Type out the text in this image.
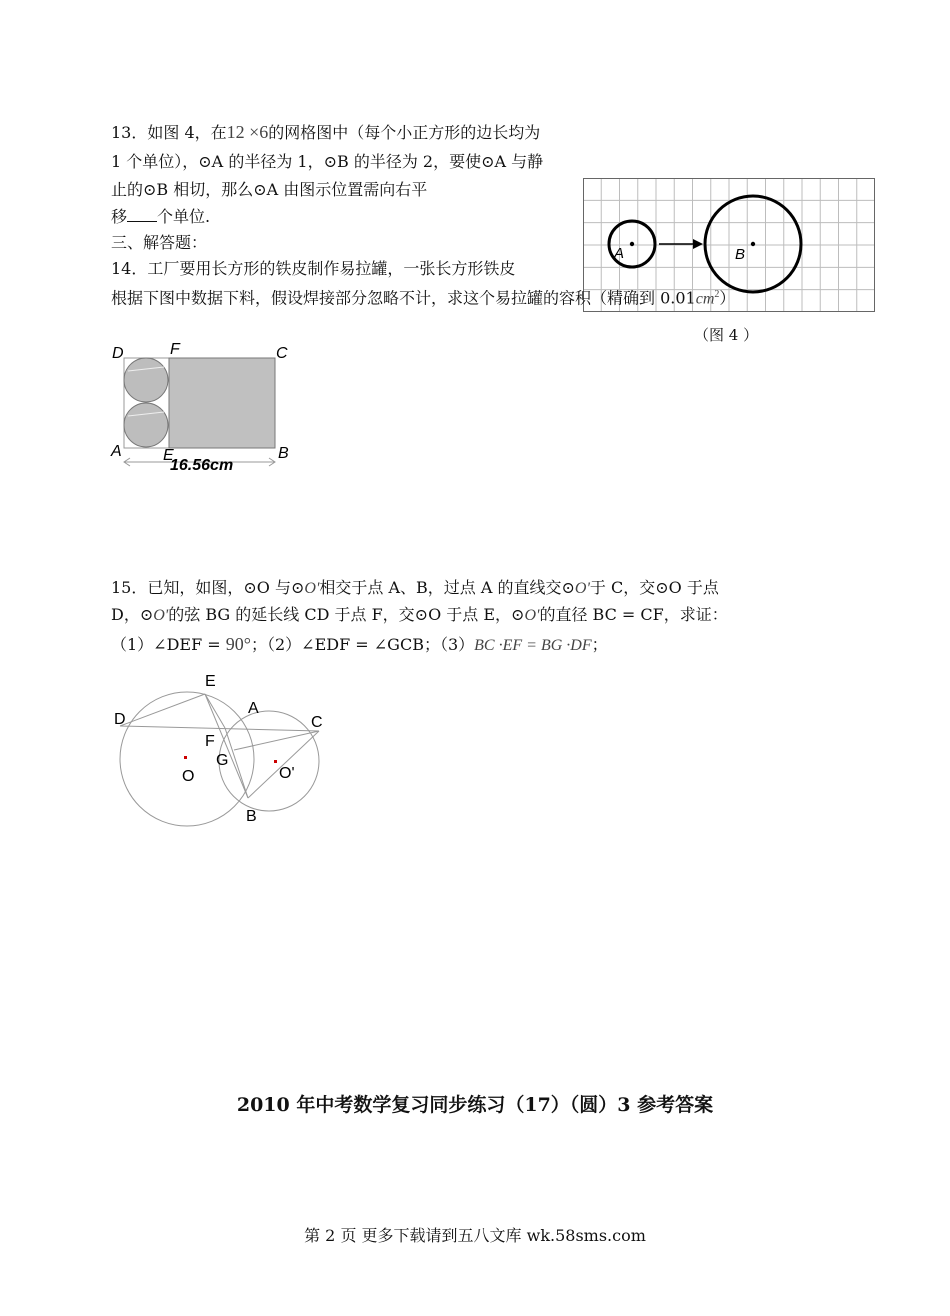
13．如图 4，在12 ×6的网格图中（每个小正方形的边长均为
1 个单位），⊙A 的半径为 1，⊙B 的半径为 2，要使⊙A 与静
止的⊙B 相切，那么⊙A 由图示位置需向右平
移 个单位.
三、解答题：
A	B
（图 4 ）
14．工厂要用长方形的铁皮制作易拉罐，一张长方形铁皮
根据下图中数据下料，假设焊接部分忽略不计，求这个易拉罐的容积（精确到 $0.01cm^2$）
D	F	C
A	E	B
16.56cm
15．已知，如图，⊙O 与⊙O'相交于点 A、B，过点 A 的直线交⊙O'于 C，交⊙O 于点
D，⊙O'的弦 BG 的延长线 CD 于点 F，交⊙O 于点 E，⊙O'的直径 BC = CF，求证：
（1）∠DEF = 90°；（2）∠EDF = ∠GCB；（3）BC ·EF = BG ·DF；
E
A
D	C
F
G
O	O'
B
2010 年中考数学复习同步练习（17）（圆）3 参考答案
第 2 页 更多下载请到五八文库 wk.58sms.com
